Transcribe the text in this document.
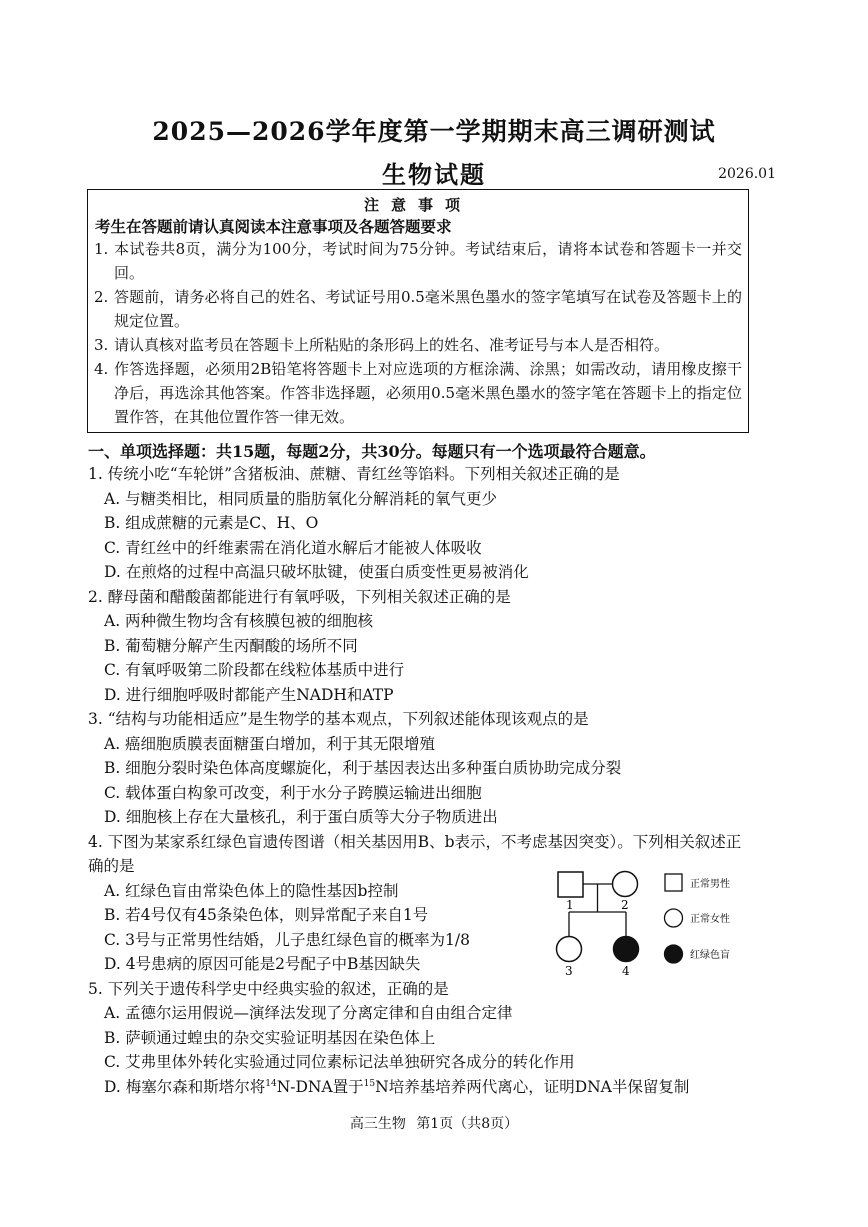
2025—2026学年度第一学期期末高三调研测试
生物试题	2026.01
注意事项
考生在答题前请认真阅读本注意事项及各题答题要求
1. 本试卷共8页，满分为100分，考试时间为75分钟。考试结束后，请将本试卷和答题卡一并交回。
2. 答题前，请务必将自己的姓名、考试证号用0.5毫米黑色墨水的签字笔填写在试卷及答题卡上的规定位置。
3. 请认真核对监考员在答题卡上所粘贴的条形码上的姓名、准考证号与本人是否相符。
4. 作答选择题，必须用2B铅笔将答题卡上对应选项的方框涂满、涂黑；如需改动，请用橡皮擦干净后，再选涂其他答案。作答非选择题，必须用0.5毫米黑色墨水的签字笔在答题卡上的指定位置作答，在其他位置作答一律无效。
一、单项选择题：共15题，每题2分，共30分。每题只有一个选项最符合题意。
1. 传统小吃“车轮饼”含猪板油、蔗糖、青红丝等馅料。下列相关叙述正确的是
A. 与糖类相比，相同质量的脂肪氧化分解消耗的氧气更少
B. 组成蔗糖的元素是C、H、O
C. 青红丝中的纤维素需在消化道水解后才能被人体吸收
D. 在煎烙的过程中高温只破坏肽键，使蛋白质变性更易被消化
2. 酵母菌和醋酸菌都能进行有氧呼吸，下列相关叙述正确的是
A. 两种微生物均含有核膜包被的细胞核
B. 葡萄糖分解产生丙酮酸的场所不同
C. 有氧呼吸第二阶段都在线粒体基质中进行
D. 进行细胞呼吸时都能产生NADH和ATP
3. “结构与功能相适应”是生物学的基本观点，下列叙述能体现该观点的是
A. 癌细胞质膜表面糖蛋白增加，利于其无限增殖
B. 细胞分裂时染色体高度螺旋化，利于基因表达出多种蛋白质协助完成分裂
C. 载体蛋白构象可改变，利于水分子跨膜运输进出细胞
D. 细胞核上存在大量核孔，利于蛋白质等大分子物质进出
4. 下图为某家系红绿色盲遗传图谱（相关基因用B、b表示，不考虑基因突变）。下列相关叙述正确的是
A. 红绿色盲由常染色体上的隐性基因b控制
B. 若4号仅有45条染色体，则异常配子来自1号
C. 3号与正常男性结婚，儿子患红绿色盲的概率为1/8
D. 4号患病的原因可能是2号配子中B基因缺失
5. 下列关于遗传科学史中经典实验的叙述，正确的是
A. 孟德尔运用假说—演绎法发现了分离定律和自由组合定律
B. 萨顿通过蝗虫的杂交实验证明基因在染色体上
C. 艾弗里体外转化实验通过同位素标记法单独研究各成分的转化作用
D. 梅塞尔森和斯塔尔将$^{14}$N-DNA置于$^{15}$N培养基培养两代离心，证明DNA半保留复制
1	2
3	4
正常男性
正常女性
红绿色盲
高三生物 第1页（共8页）
